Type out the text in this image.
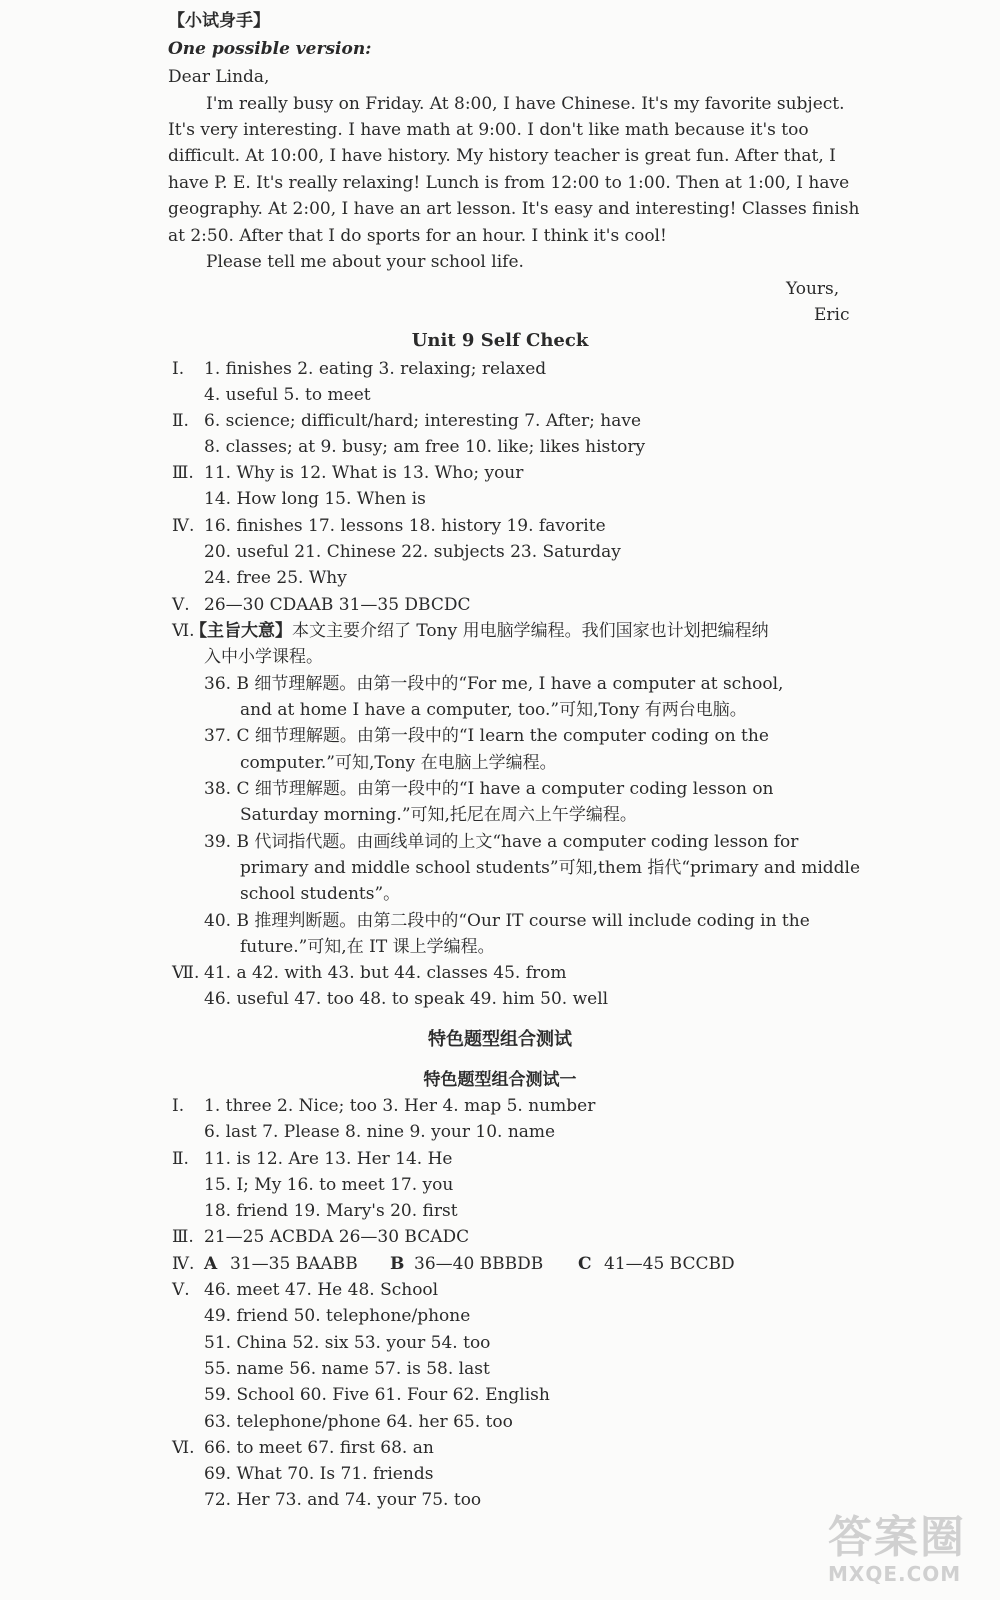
【小试身手】
One possible version:
Dear Linda,
I'm really busy on Friday. At 8:00, I have Chinese. It's my favorite subject.
It's very interesting. I have math at 9:00. I don't like math because it's too
difficult. At 10:00, I have history. My history teacher is great fun. After that, I
have P. E. It's really relaxing! Lunch is from 12:00 to 1:00. Then at 1:00, I have
geography. At 2:00, I have an art lesson. It's easy and interesting! Classes finish
at 2:50. After that I do sports for an hour. I think it's cool!
Please tell me about your school life.
Yours,
Eric
Unit 9 Self Check
Ⅰ. 1. finishes 2. eating 3. relaxing; relaxed
4. useful 5. to meet
Ⅱ. 6. science; difficult/hard; interesting 7. After; have
8. classes; at 9. busy; am free 10. like; likes history
Ⅲ. 11. Why is 12. What is 13. Who; your
14. How long 15. When is
Ⅳ. 16. finishes 17. lessons 18. history 19. favorite
20. useful 21. Chinese 22. subjects 23. Saturday
24. free 25. Why
Ⅴ. 26—30 CDAAB 31—35 DBCDC
Ⅵ.
【主旨大意】本文主要介绍了 Tony 用电脑学编程。我们国家也计划把编程纳
入中小学课程。
36. B 细节理解题。由第一段中的“For me, I have a computer at school,
and at home I have a computer, too.”可知,Tony 有两台电脑。
37. C 细节理解题。由第一段中的“I learn the computer coding on the
computer.”可知,Tony 在电脑上学编程。
38. C 细节理解题。由第一段中的“I have a computer coding lesson on
Saturday morning.”可知,托尼在周六上午学编程。
39. B 代词指代题。由画线单词的上文“have a computer coding lesson for
primary and middle school students”可知,them 指代“primary and middle
school students”。
40. B 推理判断题。由第二段中的“Our IT course will include coding in the
future.”可知,在 IT 课上学编程。
Ⅶ. 41. a 42. with 43. but 44. classes 45. from
46. useful 47. too 48. to speak 49. him 50. well
特色题型组合测试
特色题型组合测试一
Ⅰ. 1. three 2. Nice; too 3. Her 4. map 5. number
6. last 7. Please 8. nine 9. your 10. name
Ⅱ. 11. is 12. Are 13. Her 14. He
15. I; My 16. to meet 17. you
18. friend 19. Mary's 20. first
Ⅲ. 21—25 ACBDA 26—30 BCADC
Ⅳ. A 31—35 BAABB B 36—40 BBBDB C 41—45 BCCBD
Ⅴ. 46. meet 47. He 48. School
49. friend 50. telephone/phone
51. China 52. six 53. your 54. too
55. name 56. name 57. is 58. last
59. School 60. Five 61. Four 62. English
63. telephone/phone 64. her 65. too
Ⅵ. 66. to meet 67. first 68. an
69. What 70. Is 71. friends
72. Her 73. and 74. your 75. too
答案圈
MXQE.COM
